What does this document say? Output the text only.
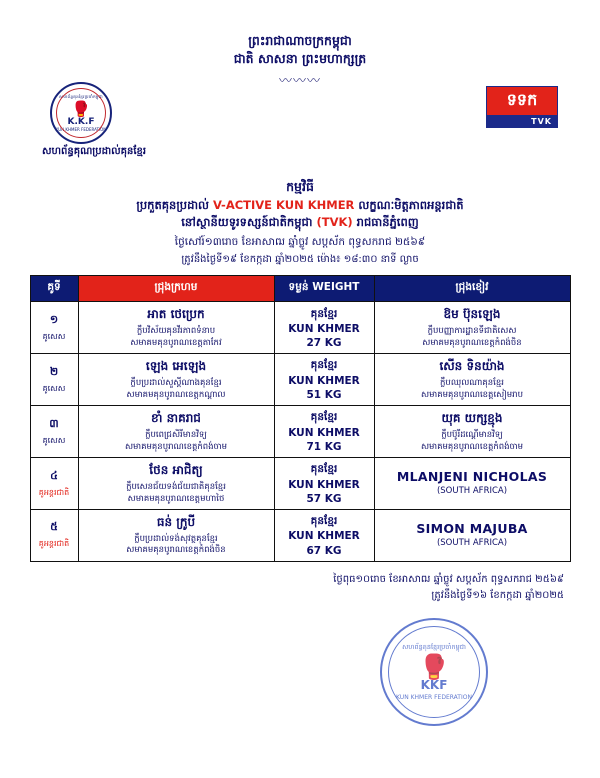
ព្រះរាជាណាចក្រកម្ពុជា
ជាតិ សាសនា ព្រះមហាក្សត្រ
〰〰〰
សហព័ន្ធគុនខ្មែរប្រចាំកម្ពុជា
🥊
K.K.F
KUN KHMER FEDERATION
ទទក
TVK
សហព័ន្ធគុណប្រដាល់គុនខ្មែរ
កម្មវិធី
ប្រកួតគុនប្រដាល់ V-ACTIVE KUN KHMER លក្ខណៈមិត្តភាពអន្តរជាតិ
នៅស្ថានីយទូរទស្សន៍ជាតិកម្ពុជា (TVK) រាជធានីភ្នំពេញ
ថ្ងៃសៅរ៍១៣រោច ខែអាសាឍ ឆ្នាំច្លូវ សប្តស័ក ពុទ្ធសករាជ ២៥៦៩
ត្រូវនឹងថ្ងៃទី១៩ ខែកក្កដា ឆ្នាំ២០២៥ ម៉ោង៖ ១៨:៣០ នាទី ល្ងាច
គូទី	ជ្រុងក្រហម	ទម្ងន់ WEIGHT	ជ្រុងខៀវ

១
គូសេស

អាត ថេប្រេក
ក្លឹបវិស័យគុនវីរភាពទំនាប
សមាគមគុនបូរាណខេត្តតាកែវ

គុនខ្មែរ
KUN KHMER
27 KG

ឱម ប៊ុនឡេង
ក្លឹបបញ្ញាការដ្ឋានទីជាតិសេស
សមាគមគុនបូរាណខេត្តកំពង់ចិន

២
គូសេស

ឡេង អេឡេង
ក្លឹបប្រដាល់សួស្តីណាងគុនខ្មែរ
សមាគមគុនបូរាណខេត្តកណ្ដាល

គុនខ្មែរ
KUN KHMER
51 KG

សើន ទិនយ៉ាង
ក្លឹបឈុលណាគុនខ្មែរ
សមាគមគុនបូរាណខេត្តសៀមរាប

៣
គូសេស

ខាំ នាគរាជ
ក្លឹបពេជ្រសិរីមានវិទ្យ
សមាគមគុនបូរាណខេត្តកំពង់ចាម

គុនខ្មែរ
KUN KHMER
71 KG

យុគ យក្សខ្មុង
ក្លឹបប៊ូរីដណ្ដើមានវិទ្យ
សមាគមគុនបូរាណខេត្តកំពង់ចាម

៤
គូអន្តរជាតិ

ថែន អាជិត្យ
ក្លឹបសេនជ័យទង់ជ័យជាតិគុនខ្មែរ
សមាគមគុនបូរាណខេត្តមហាថៃ

គុនខ្មែរ
KUN KHMER
57 KG

MLANJENI NICHOLAS
(SOUTH AFRICA)

៥
គូអន្តរជាតិ

ធន់ ក្រូបី
ក្លឹបប្រដាល់ទង់សុវត្ថគុនខ្មែរ
សមាគមគុនបូរាណខេត្តកំពង់ចិន

គុនខ្មែរ
KUN KHMER
67 KG

SIMON MAJUBA
(SOUTH AFRICA)
ថ្ងៃពុធ១០រោច ខែអាសាឍ ឆ្នាំច្លូវ សប្តស័ក ពុទ្ធសករាជ ២៥៦៩
ត្រូវនឹងថ្ងៃទី១៦ ខែកក្កដា ឆ្នាំ២០២៥
សហព័ន្ធគុនខ្មែរប្រចាំកម្ពុជា
🥊
KKF
KUN KHMER FEDERATION
